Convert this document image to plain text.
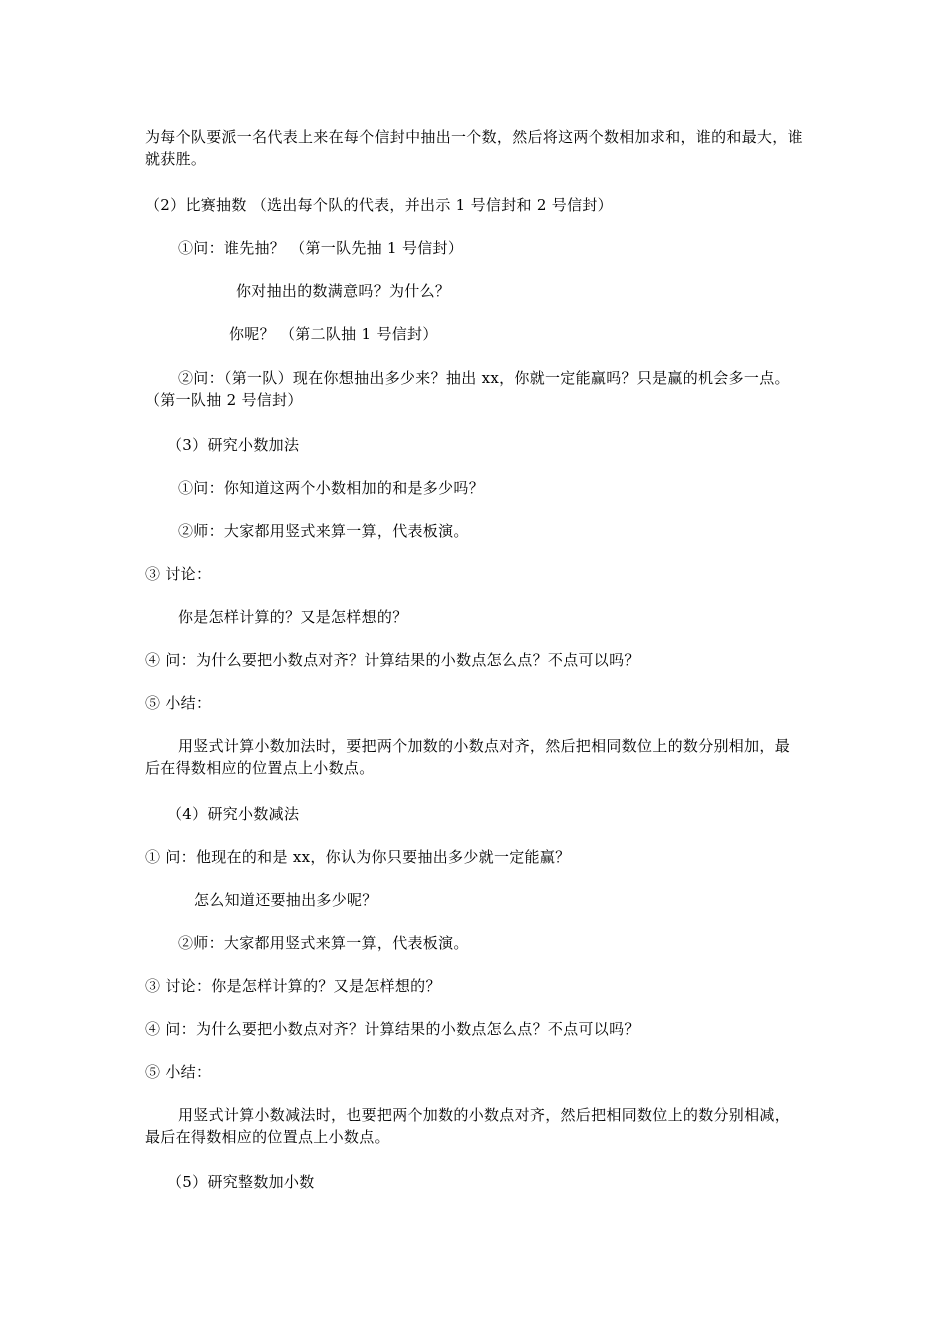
为每个队要派一名代表上来在每个信封中抽出一个数，然后将这两个数相加求和，谁的和最大，谁就获胜。

（2）比赛抽数 （选出每个队的代表，并出示 1 号信封和 2 号信封）

①问：谁先抽？ （第一队先抽 1 号信封）

你对抽出的数满意吗？为什么？

你呢？ （第二队抽 1 号信封）

②问：（第一队）现在你想抽出多少来？抽出 xx，你就一定能赢吗？只是赢的机会多一点。（第一队抽 2 号信封）

（3）研究小数加法

①问：你知道这两个小数相加的和是多少吗？

②师：大家都用竖式来算一算，代表板演。

③ 讨论：

你是怎样计算的？又是怎样想的？

④ 问：为什么要把小数点对齐？计算结果的小数点怎么点？不点可以吗？

⑤ 小结：

用竖式计算小数加法时，要把两个加数的小数点对齐，然后把相同数位上的数分别相加，最后在得数相应的位置点上小数点。

（4）研究小数减法

① 问：他现在的和是 xx，你认为你只要抽出多少就一定能赢？

怎么知道还要抽出多少呢？

②师：大家都用竖式来算一算，代表板演。

③ 讨论：你是怎样计算的？又是怎样想的？

④ 问：为什么要把小数点对齐？计算结果的小数点怎么点？不点可以吗？

⑤ 小结：

用竖式计算小数减法时，也要把两个加数的小数点对齐，然后把相同数位上的数分别相减，最后在得数相应的位置点上小数点。

（5）研究整数加小数
